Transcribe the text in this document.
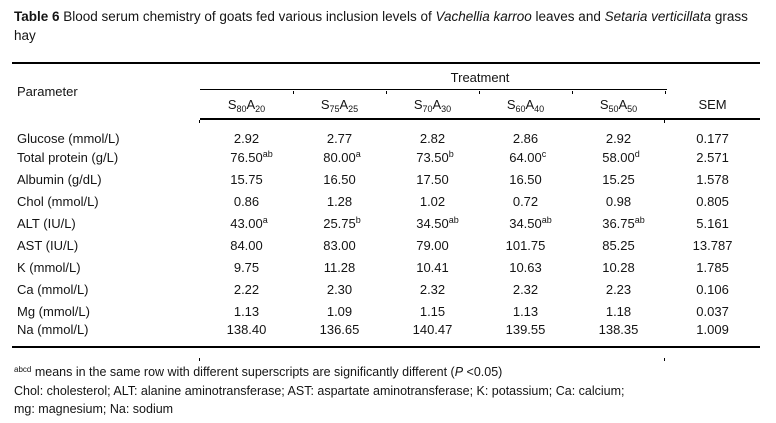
Table 6 Blood serum chemistry of goats fed various inclusion levels of Vachellia karroo leaves and Setaria verticillata grass hay

Parameter	Treatment					
	$S_{80}A_{20}$	$S_{75}A_{25}$	$S_{70}A_{30}$	$S_{60}A_{40}$	$S_{50}A_{50}$	SEM
Glucose (mmol/L)	2.92	2.77	2.82	2.86	2.92	0.177
Total protein (g/L)	76.50$^{ab}$	80.00$^a$	73.50$^b$	64.00$^c$	58.00$^d$	2.571
Albumin (g/dL)	15.75	16.50	17.50	16.50	15.25	1.578
Chol (mmol/L)	0.86	1.28	1.02	0.72	0.98	0.805
ALT (IU/L)	43.00$^a$	25.75$^b$	34.50$^{ab}$	34.50$^{ab}$	36.75$^{ab}$	5.161
AST (IU/L)	84.00	83.00	79.00	101.75	85.25	13.787
K (mmol/L)	9.75	11.28	10.41	10.63	10.28	1.785
Ca (mmol/L)	2.22	2.30	2.32	2.32	2.23	0.106
Mg (mmol/L)	1.13	1.09	1.15	1.13	1.18	0.037
Na (mmol/L)	138.40	136.65	140.47	139.55	138.35	1.009
$^{abcd}$ means in the same row with different superscripts are significantly different (P <0.05)
Chol: cholesterol; ALT: alanine aminotransferase; AST: aspartate aminotransferase; K: potassium; Ca: calcium;
mg: magnesium; Na: sodium
